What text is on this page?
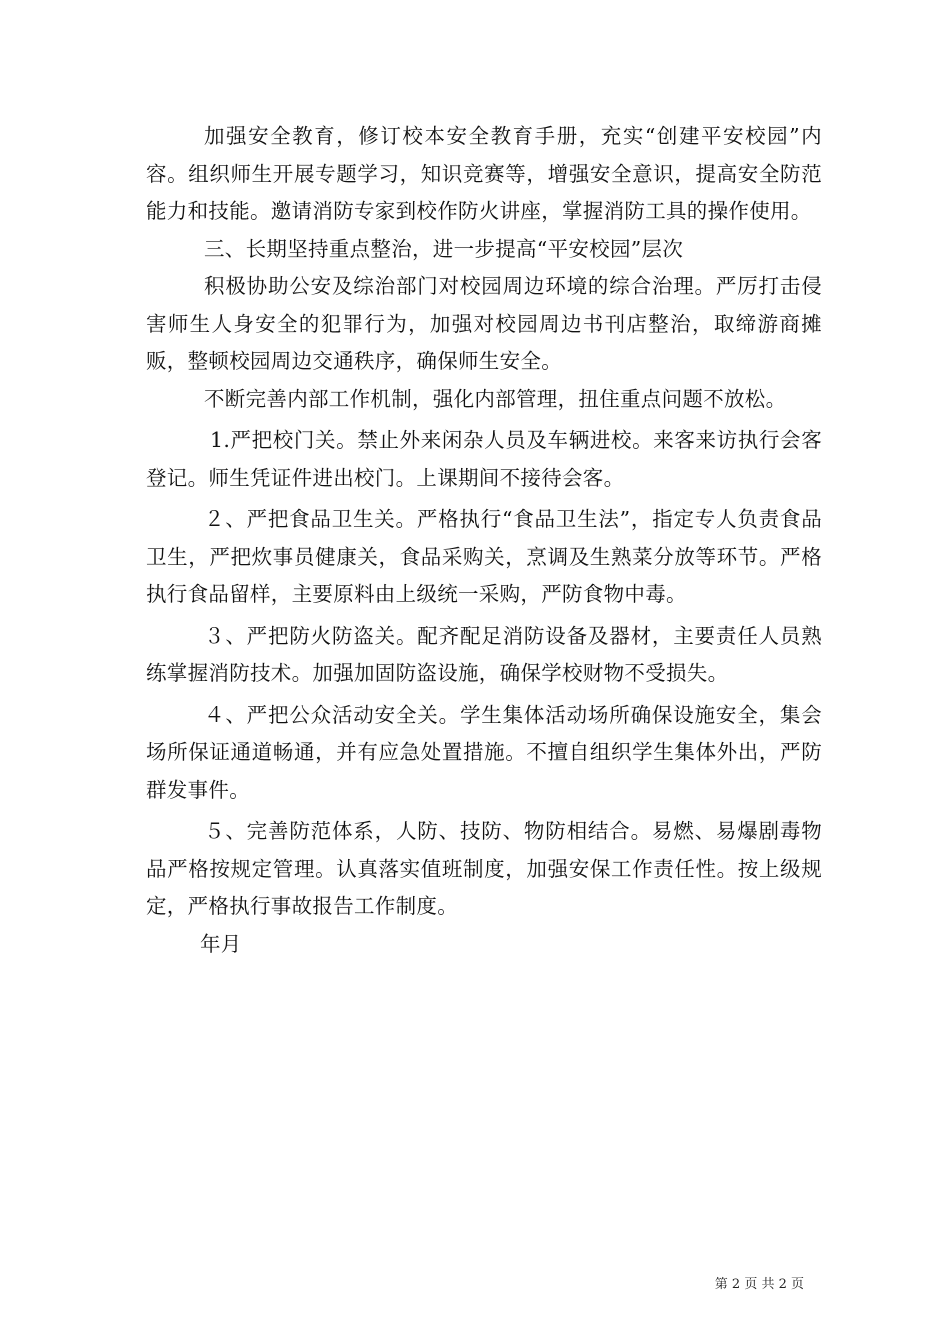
加强安全教育，修订校本安全教育手册，充实“创建平安校园”内容。组织师生开展专题学习，知识竞赛等，增强安全意识，提高安全防范能力和技能。邀请消防专家到校作防火讲座，掌握消防工具的操作使用。

三、长期坚持重点整治，进一步提高“平安校园”层次

积极协助公安及综治部门对校园周边环境的综合治理。严厉打击侵害师生人身安全的犯罪行为，加强对校园周边书刊店整治，取缔游商摊贩，整顿校园周边交通秩序，确保师生安全。

不断完善内部工作机制，强化内部管理，扭住重点问题不放松。

1.严把校门关。禁止外来闲杂人员及车辆进校。来客来访执行会客登记。师生凭证件进出校门。上课期间不接待会客。

２、严把食品卫生关。严格执行“食品卫生法”，指定专人负责食品卫生，严把炊事员健康关，食品采购关，烹调及生熟菜分放等环节。严格执行食品留样，主要原料由上级统一采购，严防食物中毒。

３、严把防火防盗关。配齐配足消防设备及器材，主要责任人员熟练掌握消防技术。加强加固防盗设施，确保学校财物不受损失。

４、严把公众活动安全关。学生集体活动场所确保设施安全，集会场所保证通道畅通，并有应急处置措施。不擅自组织学生集体外出，严防群发事件。

５、完善防范体系，人防、技防、物防相结合。易燃、易爆剧毒物品严格按规定管理。认真落实值班制度，加强安保工作责任性。按上级规定，严格执行事故报告工作制度。

年月

第 2 页 共 2 页
